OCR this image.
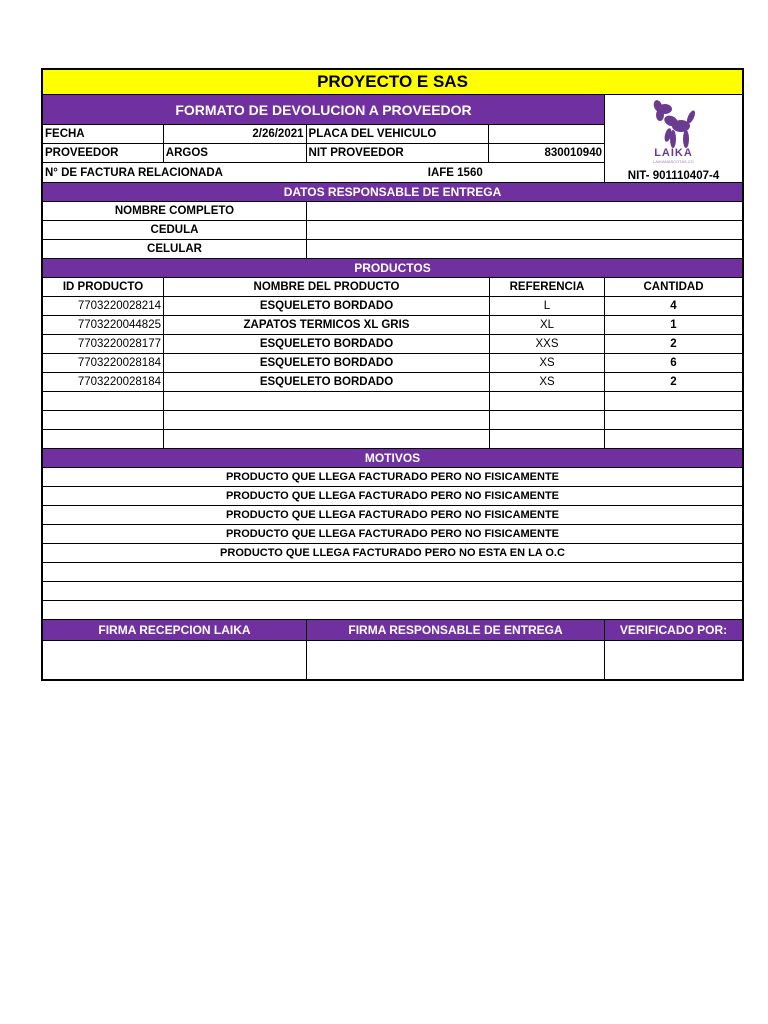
PROYECTO E SAS
FORMATO DE DEVOLUCION A PROVEEDOR
FECHA	2/26/2021 PLACA DEL VEHICULO
PROVEEDOR	ARGOS	NIT PROVEEDOR	830010940
N° DE FACTURA RELACIONADA	IAFE 1560
LAIKA
LAIKAMASCOTAS.CO
NIT- 901110407-4
DATOS RESPONSABLE DE ENTREGA
NOMBRE COMPLETO
CEDULA
CELULAR
PRODUCTOS
ID PRODUCTO	NOMBRE DEL PRODUCTO	REFERENCIA	CANTIDAD
7703220028214	ESQUELETO BORDADO	L	4
7703220044825	ZAPATOS TERMICOS XL GRIS	XL	1
7703220028177	ESQUELETO BORDADO	XXS	2
7703220028184	ESQUELETO BORDADO	XS	6
7703220028184	ESQUELETO BORDADO	XS	2
MOTIVOS
PRODUCTO QUE LLEGA FACTURADO PERO NO FISICAMENTE
PRODUCTO QUE LLEGA FACTURADO PERO NO FISICAMENTE
PRODUCTO QUE LLEGA FACTURADO PERO NO FISICAMENTE
PRODUCTO QUE LLEGA FACTURADO PERO NO FISICAMENTE
PRODUCTO QUE LLEGA FACTURADO PERO NO ESTA EN LA O.C
FIRMA RECEPCION LAIKA	FIRMA RESPONSABLE DE ENTREGA	VERIFICADO POR:
